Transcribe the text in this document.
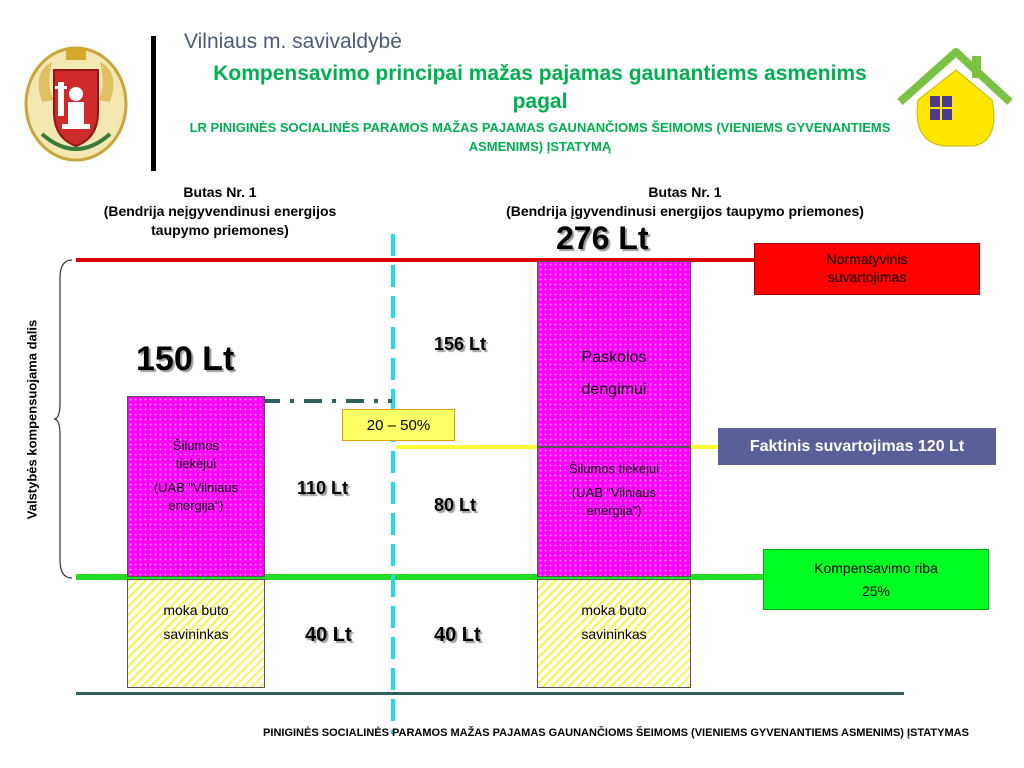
Vilniaus m. savivaldybė
Kompensavimo principai mažas pajamas gaunantiems asmenims pagal
LR PINIGINĖS SOCIALINĖS PARAMOS MAŽAS PAJAMAS GAUNANČIOMS ŠEIMOMS (VIENIEMS GYVENANTIEMS ASMENIMS) ĮSTATYMĄ
Butas Nr. 1
(Bendrija neįgyvendinusi energijos taupymo priemones)
Butas Nr. 1
(Bendrija įgyvendinusi energijos taupymo priemones)
Valstybės kompensuojama dalis	Šilumos tiekėjui
(UAB “Vilniaus energija”)
moka buto savininkas
150 Lt
110 Lt
40 Lt
Paskolos dengimui
Šilumos tiekėjui
(UAB “Vilniaus energija”)
moka buto savininkas
276 Lt
156 Lt
80 Lt
40 Lt
20 – 50%
Normatyvinis suvartojimas
Faktinis suvartojimas 120 Lt
Kompensavimo riba
25%
PINIGINĖS SOCIALINĖS PARAMOS MAŽAS PAJAMAS GAUNANČIOMS ŠEIMOMS (VIENIEMS GYVENANTIEMS ASMENIMS) ĮSTATYMAS
